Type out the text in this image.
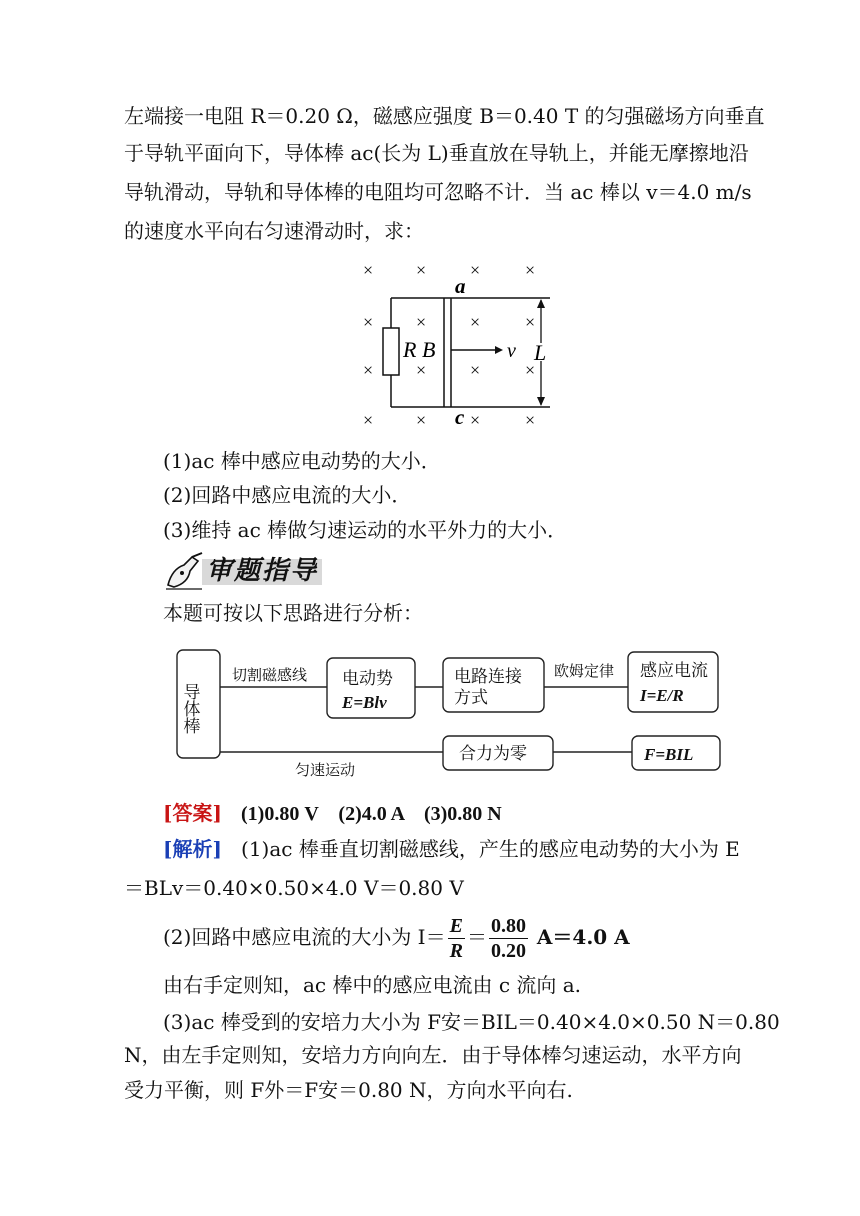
左端接一电阻 R＝0.20 Ω，磁感应强度 B＝0.40 T 的匀强磁场方向垂直
于导轨平面向下，导体棒 ac(长为 L)垂直放在导轨上，并能无摩擦地沿
导轨滑动，导轨和导体棒的电阻均可忽略不计．当 ac 棒以 v＝4.0 m/s
的速度水平向右匀速滑动时，求：
× × × ×
× × × ×
× × × ×
× × × ×
a
c
R B	v L
(1)ac 棒中感应电动势的大小．
(2)回路中感应电流的大小．
(3)维持 ac 棒做匀速运动的水平外力的大小．
审题指导
本题可按以下思路进行分析：
导体棒
切割磁感线 电动势
E=Blv
电路连接
方式
欧姆定律 感应电流
I=E/R
匀速运动
合力为零	F=BIL
[答案] (1)0.80 V　(2)4.0 A　(3)0.80 N
[解析] (1)ac 棒垂直切割磁感线，产生的感应电动势的大小为 E
＝BLv＝0.40×0.50×4.0 V＝0.80 V
(2)回路中感应电流的大小为 $I= \frac{E}{R} = \frac{0.80}{0.20} A=4.0$ A
由右手定则知，ac 棒中的感应电流由 c 流向 a.
(3)ac 棒受到的安培力大小为 F安＝BIL＝0.40×4.0×0.50 N＝0.80
N，由左手定则知，安培力方向向左．由于导体棒匀速运动，水平方向
受力平衡，则 F外＝F安＝0.80 N，方向水平向右.
